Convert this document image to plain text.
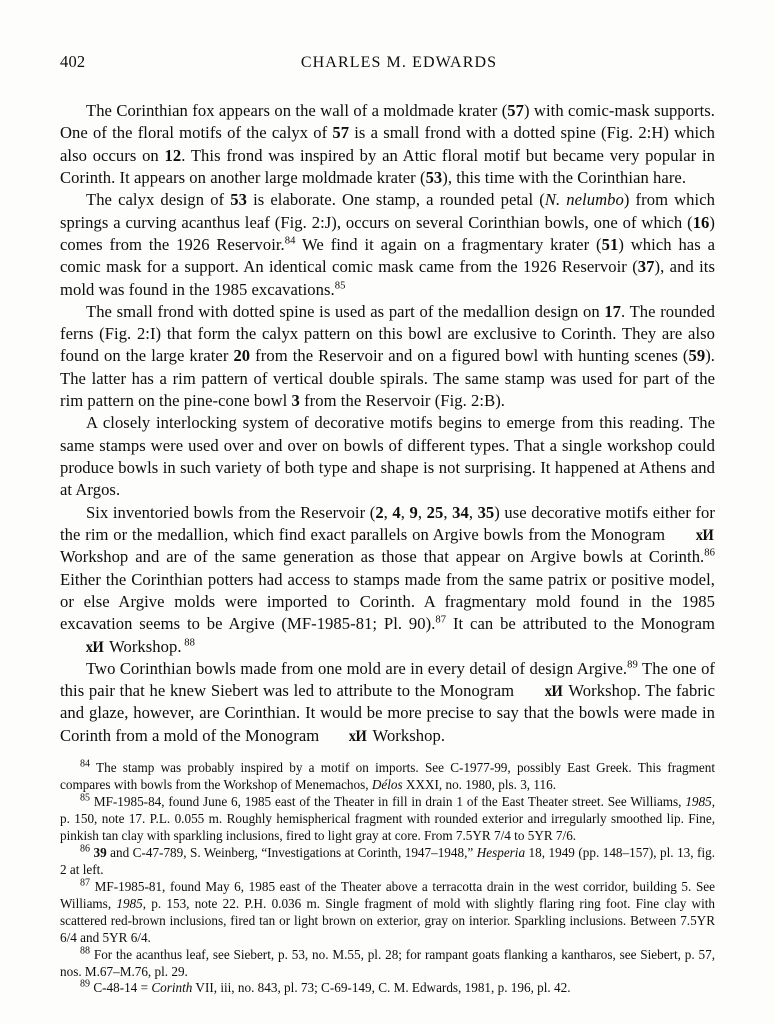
402	CHARLES M. EDWARDS

The Corinthian fox appears on the wall of a moldmade krater (57) with comic-mask supports. One of the floral motifs of the calyx of 57 is a small frond with a dotted spine (Fig. 2:H) which also occurs on 12. This frond was inspired by an Attic floral motif but became very popular in Corinth. It appears on another large moldmade krater (53), this time with the Corinthian hare.

The calyx design of 53 is elaborate. One stamp, a rounded petal (N. nelumbo) from which springs a curving acanthus leaf (Fig. 2:J), occurs on several Corinthian bowls, one of which (16) comes from the 1926 Reservoir.$^{84}$ We find it again on a fragmentary krater (51) which has a comic mask for a support. An identical comic mask came from the 1926 Reservoir (37), and its mold was found in the 1985 excavations.$^{85}$

The small frond with dotted spine is used as part of the medallion design on 17. The rounded ferns (Fig. 2:I) that form the calyx pattern on this bowl are exclusive to Corinth. They are also found on the large krater 20 from the Reservoir and on a figured bowl with hunting scenes (59). The latter has a rim pattern of vertical double spirals. The same stamp was used for part of the rim pattern on the pine-cone bowl 3 from the Reservoir (Fig. 2:B).

A closely interlocking system of decorative motifs begins to emerge from this reading. The same stamps were used over and over on bowls of different types. That a single workshop could produce bowls in such variety of both type and shape is not surprising. It happened at Athens and at Argos.

Six inventoried bowls from the Reservoir (2, 4, 9, 25, 34, 35) use decorative motifs either for the rim or the medallion, which find exact parallels on Argive bowls from the Monogram xИ Workshop and are of the same generation as those that appear on Argive bowls at Corinth.$^{86}$ Either the Corinthian potters had access to stamps made from the same patrix or positive model, or else Argive molds were imported to Corinth. A fragmentary mold found in the 1985 excavation seems to be Argive (MF-1985-81; Pl. 90).$^{87}$ It can be attributed to the Monogram xИ Workshop. $^{88}$

Two Corinthian bowls made from one mold are in every detail of design Argive.$^{89}$ The one of this pair that he knew Siebert was led to attribute to the Monogram xИ Workshop. The fabric and glaze, however, are Corinthian. It would be more precise to say that the bowls were made in Corinth from a mold of the Monogram xИ Workshop.

$^{84}$ The stamp was probably inspired by a motif on imports. See C-1977-99, possibly East Greek. This fragment compares with bowls from the Workshop of Menemachos, Délos XXXI, no. 1980, pls. 3, 116.

$^{85}$ MF-1985-84, found June 6, 1985 east of the Theater in fill in drain 1 of the East Theater street. See Williams, 1985, p. 150, note 17. P.L. 0.055 m. Roughly hemispherical fragment with rounded exterior and irregularly smoothed lip. Fine, pinkish tan clay with sparkling inclusions, fired to light gray at core. From 7.5YR 7/4 to 5YR 7/6.

$^{86}$ 39 and C-47-789, S. Weinberg, “Investigations at Corinth, 1947–1948,” Hesperia 18, 1949 (pp. 148–157), pl. 13, fig. 2 at left.

$^{87}$ MF-1985-81, found May 6, 1985 east of the Theater above a terracotta drain in the west corridor, building 5. See Williams, 1985, p. 153, note 22. P.H. 0.036 m. Single fragment of mold with slightly flaring ring foot. Fine clay with scattered red-brown inclusions, fired tan or light brown on exterior, gray on interior. Sparkling inclusions. Between 7.5YR 6/4 and 5YR 6/4.

$^{88}$ For the acanthus leaf, see Siebert, p. 53, no. M.55, pl. 28; for rampant goats flanking a kantharos, see Siebert, p. 57, nos. M.67–M.76, pl. 29.

$^{89}$ C-48-14 = Corinth VII, iii, no. 843, pl. 73; C-69-149, C. M. Edwards, 1981, p. 196, pl. 42.
